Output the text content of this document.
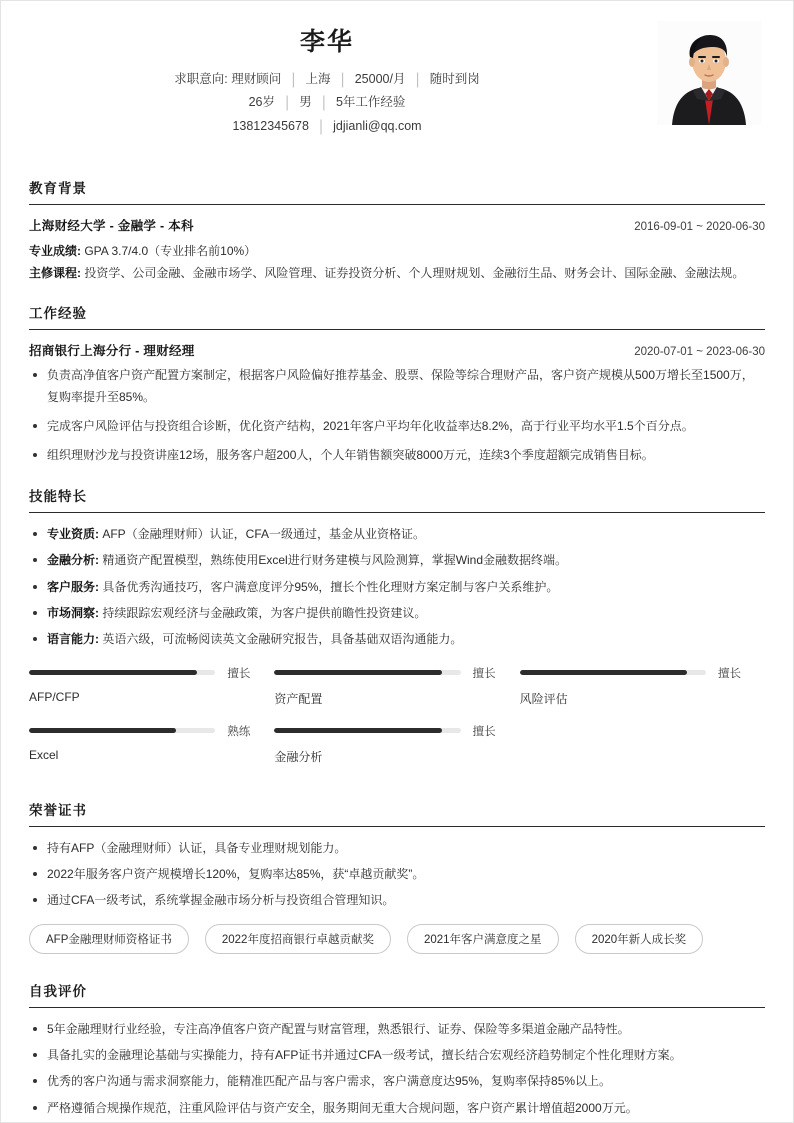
李华
求职意向: 理财顾问 | 上海 | 25000/月 | 随时到岗
26岁 | 男 | 5年工作经验
13812345678 | jdjianli@qq.com
教育背景
上海财经大学 - 金融学 - 本科	2016-09-01 ~ 2020-06-30
专业成绩: GPA 3.7/4.0（专业排名前10%）
主修课程: 投资学、公司金融、金融市场学、风险管理、证券投资分析、个人理财规划、金融衍生品、财务会计、国际金融、金融法规。
工作经验
招商银行上海分行 - 理财经理	2020-07-01 ~ 2023-06-30
负责高净值客户资产配置方案制定，根据客户风险偏好推荐基金、股票、保险等综合理财产品，客户资产规模从500万增长至1500万，复购率提升至85%。
完成客户风险评估与投资组合诊断，优化资产结构，2021年客户平均年化收益率达8.2%，高于行业平均水平1.5个百分点。
组织理财沙龙与投资讲座12场，服务客户超200人，个人年销售额突破8000万元，连续3个季度超额完成销售目标。
技能特长
专业资质: AFP（金融理财师）认证，CFA一级通过，基金从业资格证。
金融分析: 精通资产配置模型，熟练使用Excel进行财务建模与风险测算，掌握Wind金融数据终端。
客户服务: 具备优秀沟通技巧，客户满意度评分95%，擅长个性化理财方案定制与客户关系维护。
市场洞察: 持续跟踪宏观经济与金融政策，为客户提供前瞻性投资建议。
语言能力: 英语六级，可流畅阅读英文金融研究报告，具备基础双语沟通能力。
擅长
AFP/CFP
擅长
资产配置
擅长
风险评估
熟练
Excel
擅长
金融分析
荣誉证书
持有AFP（金融理财师）认证，具备专业理财规划能力。
2022年服务客户资产规模增长120%，复购率达85%，获“卓越贡献奖”。
通过CFA一级考试，系统掌握金融市场分析与投资组合管理知识。
AFP金融理财师资格证书	2022年度招商银行卓越贡献奖	2021年客户满意度之星	2020年新人成长奖
自我评价
5年金融理财行业经验，专注高净值客户资产配置与财富管理，熟悉银行、证券、保险等多渠道金融产品特性。
具备扎实的金融理论基础与实操能力，持有AFP证书并通过CFA一级考试，擅长结合宏观经济趋势制定个性化理财方案。
优秀的客户沟通与需求洞察能力，能精准匹配产品与客户需求，客户满意度达95%，复购率保持85%以上。
严格遵循合规操作规范，注重风险评估与资产安全，服务期间无重大合规问题，客户资产累计增值超2000万元。
